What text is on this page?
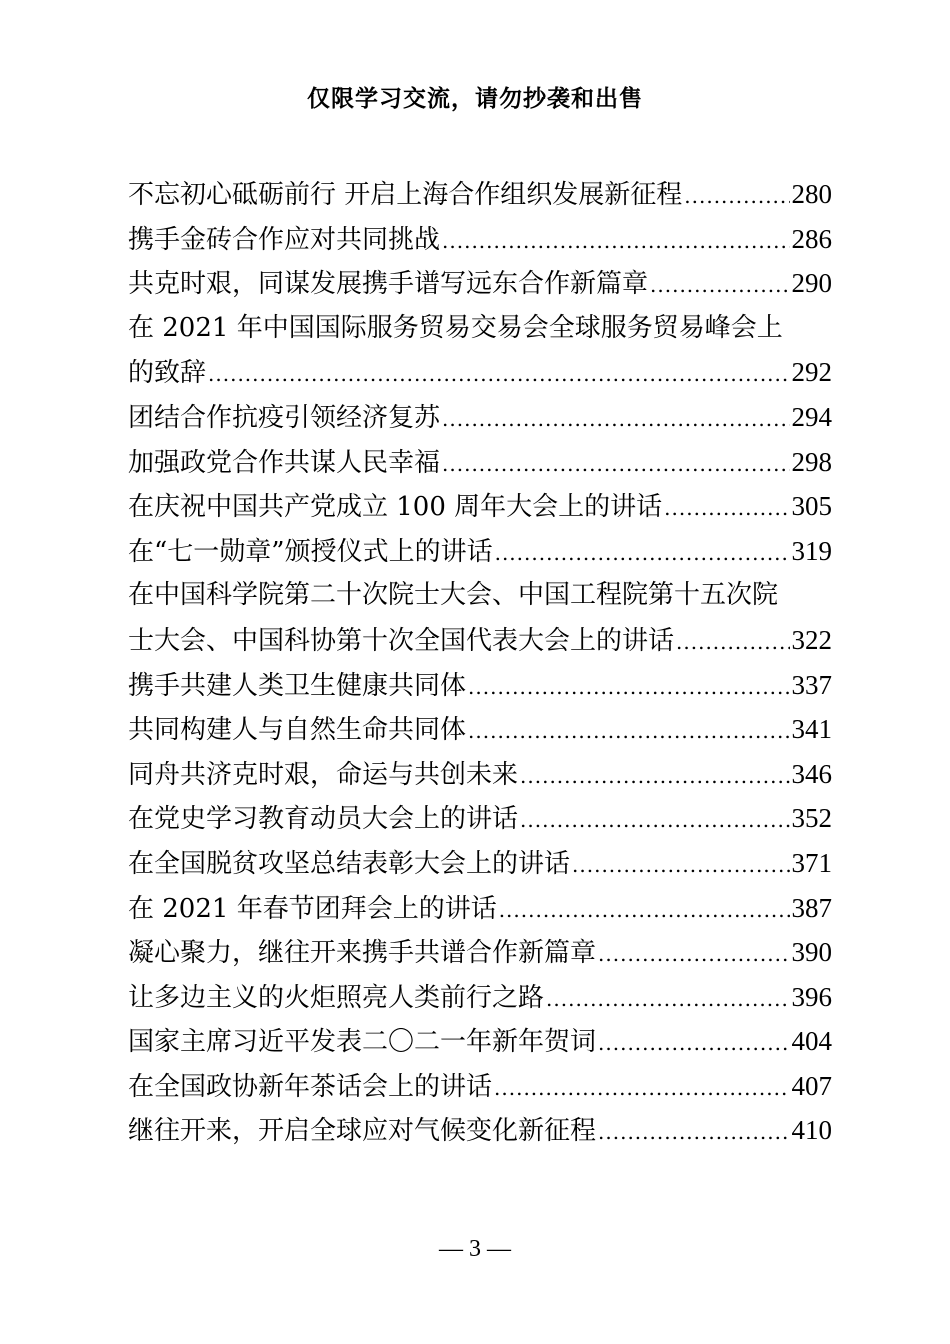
仅限学习交流，请勿抄袭和出售
不忘初心砥砺前行 开启上海合作组织发展新征程 .....	280
携手金砖合作应对共同挑战 .....	286
共克时艰，同谋发展携手谱写远东合作新篇章 .....	290
在 2021 年中国国际服务贸易交易会全球服务贸易峰会上
的致辞 .....	292
团结合作抗疫引领经济复苏 .....	294
加强政党合作共谋人民幸福 .....	298
在庆祝中国共产党成立 100 周年大会上的讲话 .....	305
在“七一勋章”颁授仪式上的讲话 .....	319
在中国科学院第二十次院士大会、中国工程院第十五次院
士大会、中国科协第十次全国代表大会上的讲话 .....	322
携手共建人类卫生健康共同体 .....	337
共同构建人与自然生命共同体 .....	341
同舟共济克时艰，命运与共创未来 .....	346
在党史学习教育动员大会上的讲话 .....	352
在全国脱贫攻坚总结表彰大会上的讲话 .....	371
在 2021 年春节团拜会上的讲话 .....	387
凝心聚力，继往开来携手共谱合作新篇章 .....	390
让多边主义的火炬照亮人类前行之路 .....	396
国家主席习近平发表二〇二一年新年贺词 .....	404
在全国政协新年茶话会上的讲话 .....	407
继往开来，开启全球应对气候变化新征程 .....	410
— 3 —
